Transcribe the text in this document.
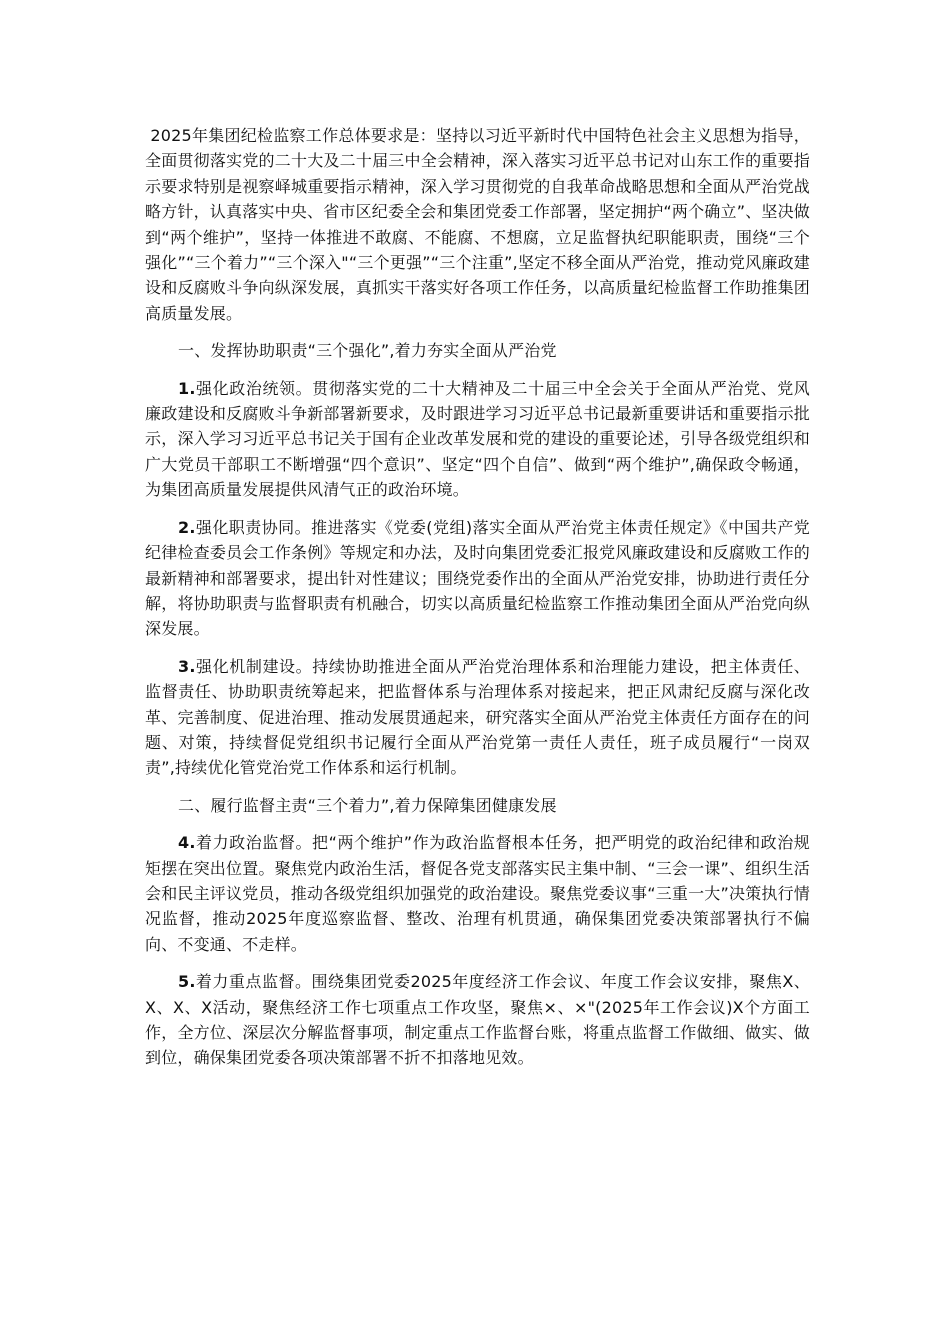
2025年集团纪检监察工作总体要求是：坚持以习近平新时代中国特色社会主义思想为指导，全面贯彻落实党的二十大及二十届三中全会精神，深入落实习近平总书记对山东工作的重要指示要求特别是视察峄城重要指示精神，深入学习贯彻党的自我革命战略思想和全面从严治党战略方针，认真落实中央、省市区纪委全会和集团党委工作部署，坚定拥护“两个确立”、坚决做到“两个维护”，坚持一体推进不敢腐、不能腐、不想腐，立足监督执纪职能职责，围绕“三个强化”“三个着力”“三个深入"“三个更强”“三个注重”,坚定不移全面从严治党，推动党风廉政建设和反腐败斗争向纵深发展，真抓实干落实好各项工作任务，以高质量纪检监督工作助推集团高质量发展。

一、发挥协助职责“三个强化”,着力夯实全面从严治党

1.强化政治统领。贯彻落实党的二十大精神及二十届三中全会关于全面从严治党、党风廉政建设和反腐败斗争新部署新要求，及时跟进学习习近平总书记最新重要讲话和重要指示批示，深入学习习近平总书记关于国有企业改革发展和党的建设的重要论述，引导各级党组织和广大党员干部职工不断增强“四个意识”、坚定“四个自信”、做到“两个维护”,确保政令畅通，为集团高质量发展提供风清气正的政治环境。

2.强化职责协同。推进落实《党委(党组)落实全面从严治党主体责任规定》《中国共产党纪律检查委员会工作条例》等规定和办法，及时向集团党委汇报党风廉政建设和反腐败工作的最新精神和部署要求，提出针对性建议；围绕党委作出的全面从严治党安排，协助进行责任分解，将协助职责与监督职责有机融合，切实以高质量纪检监察工作推动集团全面从严治党向纵深发展。

3.强化机制建设。持续协助推进全面从严治党治理体系和治理能力建设，把主体责任、监督责任、协助职责统筹起来，把监督体系与治理体系对接起来，把正风肃纪反腐与深化改革、完善制度、促进治理、推动发展贯通起来，研究落实全面从严治党主体责任方面存在的问题、对策，持续督促党组织书记履行全面从严治党第一责任人责任，班子成员履行“一岗双责”,持续优化管党治党工作体系和运行机制。

二、履行监督主责“三个着力”,着力保障集团健康发展

4.着力政治监督。把“两个维护”作为政治监督根本任务，把严明党的政治纪律和政治规矩摆在突出位置。聚焦党内政治生活，督促各党支部落实民主集中制、“三会一课”、组织生活会和民主评议党员，推动各级党组织加强党的政治建设。聚焦党委议事“三重一大”决策执行情况监督，推动2025年度巡察监督、整改、治理有机贯通，确保集团党委决策部署执行不偏向、不变通、不走样。

5.着力重点监督。围绕集团党委2025年度经济工作会议、年度工作会议安排，聚焦X、X、X、X活动，聚焦经济工作七项重点工作攻坚，聚焦×、×"(2025年工作会议)X个方面工作，全方位、深层次分解监督事项，制定重点工作监督台账，将重点监督工作做细、做实、做到位，确保集团党委各项决策部署不折不扣落地见效。
